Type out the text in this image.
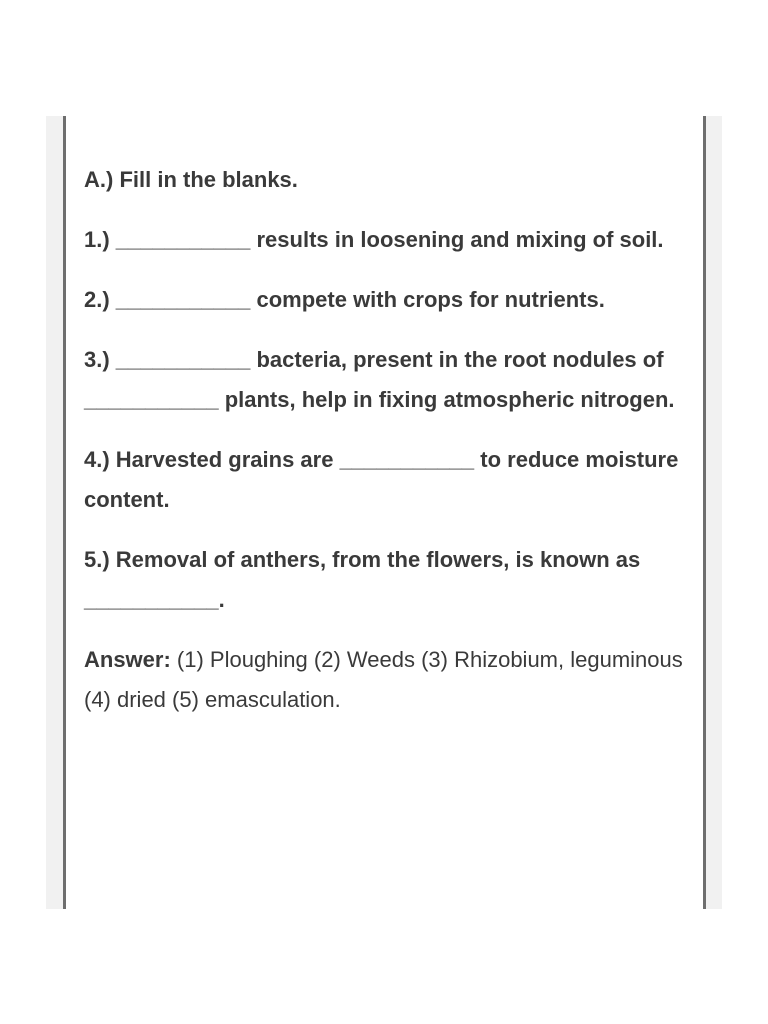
A.) Fill in the blanks.

1.) ___________ results in loosening and mixing of soil.

2.) ___________ compete with crops for nutrients.

3.) ___________ bacteria, present in the root nodules of ___________ plants, help in fixing atmospheric nitrogen.

4.) Harvested grains are ___________ to reduce moisture content.

5.) Removal of anthers, from the flowers, is known as ___________.

Answer: (1) Ploughing (2) Weeds (3) Rhizobium, leguminous (4) dried (5) emasculation.
